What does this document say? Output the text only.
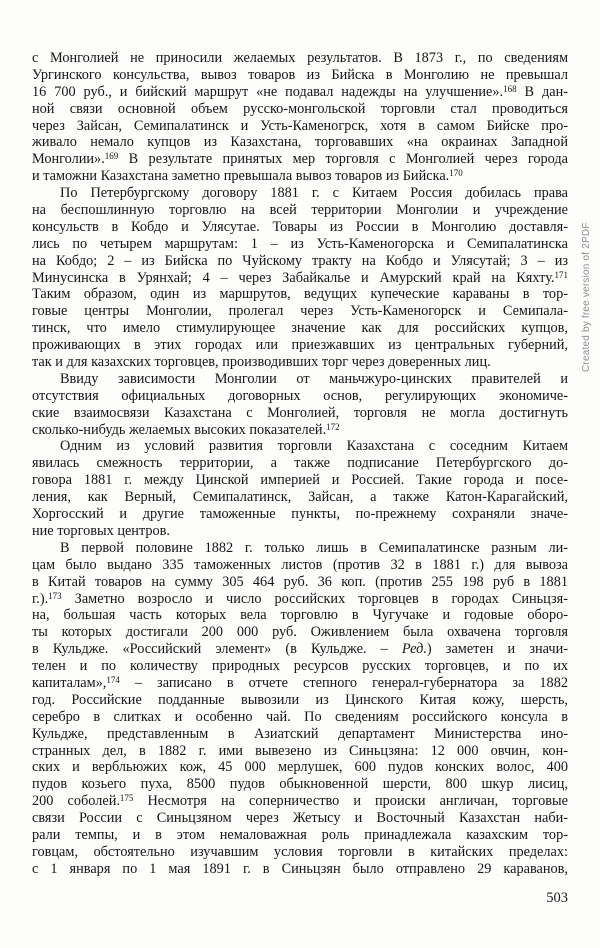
с Монголией не приносили желаемых результатов. В 1873 г., по сведениям
Ургинского консульства, вывоз товаров из Бийска в Монголию не превышал
16 700 руб., и бийский маршрут «не подавал надежды на улучшение».$^{168}$ В дан-
ной связи основной объем русско-монгольской торговли стал проводиться
через Зайсан, Семипалатинск и Усть-Каменогрск, хотя в самом Бийске про-
живало немало купцов из Казахстана, торговавших «на окраинах Западной
Монголии».$^{169}$ В результате принятых мер торговля с Монголией через города
и таможни Казахстана заметно превышала вывоз товаров из Бийска.$^{170}$
По Петербургскому договору 1881 г. с Китаем Россия добилась права
на беспошлинную торговлю на всей территории Монголии и учреждение
консульств в Кобдо и Улясутае. Товары из России в Монголию доставля-
лись по четырем маршрутам: 1 – из Усть-Каменогорска и Семипалатинска
на Кобдо; 2 – из Бийска по Чуйскому тракту на Кобдо и Улясутай; 3 – из
Минусинска в Урянхай; 4 – через Забайкалье и Амурский край на Кяхту.$^{171}$
Таким образом, один из маршрутов, ведущих купеческие караваны в тор-
говые центры Монголии, пролегал через Усть-Каменогорск и Семипала-
тинск, что имело стимулирующее значение как для российских купцов,
проживающих в этих городах или приезжавших из центральных губерний,
так и для казахских торговцев, производивших торг через доверенных лиц.
Ввиду зависимости Монголии от маньчжуро-цинских правителей и
отсутствия официальных договорных основ, регулирующих экономиче-
ские взаимосвязи Казахстана с Монголией, торговля не могла достигнуть
сколько-нибудь желаемых высоких показателей.$^{172}$
Одним из условий развития торговли Казахстана с соседним Китаем
явилась смежность территории, а также подписание Петербургского до-
говора 1881 г. между Цинской империей и Россией. Такие города и посе-
ления, как Верный, Семипалатинск, Зайсан, а также Катон-Карагайский,
Хоргосский и другие таможенные пункты, по-прежнему сохраняли значе-
ние торговых центров.
В первой половине 1882 г. только лишь в Семипалатинске разным ли-
цам было выдано 335 таможенных листов (против 32 в 1881 г.) для вывоза
в Китай товаров на сумму 305 464 руб. 36 коп. (против 255 198 руб в 1881
г.).$^{173}$ Заметно возросло и число российских торговцев в городах Синьцзя-
на, большая часть которых вела торговлю в Чугучаке и годовые оборо-
ты которых достигали 200 000 руб. Оживлением была охвачена торговля
в Кульдже. «Российский элемент» (в Кульдже. – Ред.) заметен и значи-
телен и по количеству природных ресурсов русских торговцев, и по их
капиталам»,$^{174}$ – записано в отчете степного генерал-губернатора за 1882
год. Российские подданные вывозили из Цинского Китая кожу, шерсть,
серебро в слитках и особенно чай. По сведениям российского консула в
Кульдже, представленным в Азиатский департамент Министерства ино-
странных дел, в 1882 г. ими вывезено из Синьцзяна: 12 000 овчин, кон-
ских и вербльюжих кож, 45 000 мерлушек, 600 пудов конских волос, 400
пудов козьего пуха, 8500 пудов обыкновенной шерсти, 800 шкур лисиц,
200 соболей.$^{175}$ Несмотря на соперничество и происки англичан, торговые
связи России с Синьцзяном через Жетысу и Восточный Казахстан наби-
рали темпы, и в этом немаловажная роль принадлежала казахским тор-
говцам, обстоятельно изучавшим условия торговли в китайских пределах:
с 1 января по 1 мая 1891 г. в Синьцзян было отправлено 29 караванов,
Created by free version of 2PDF
503
